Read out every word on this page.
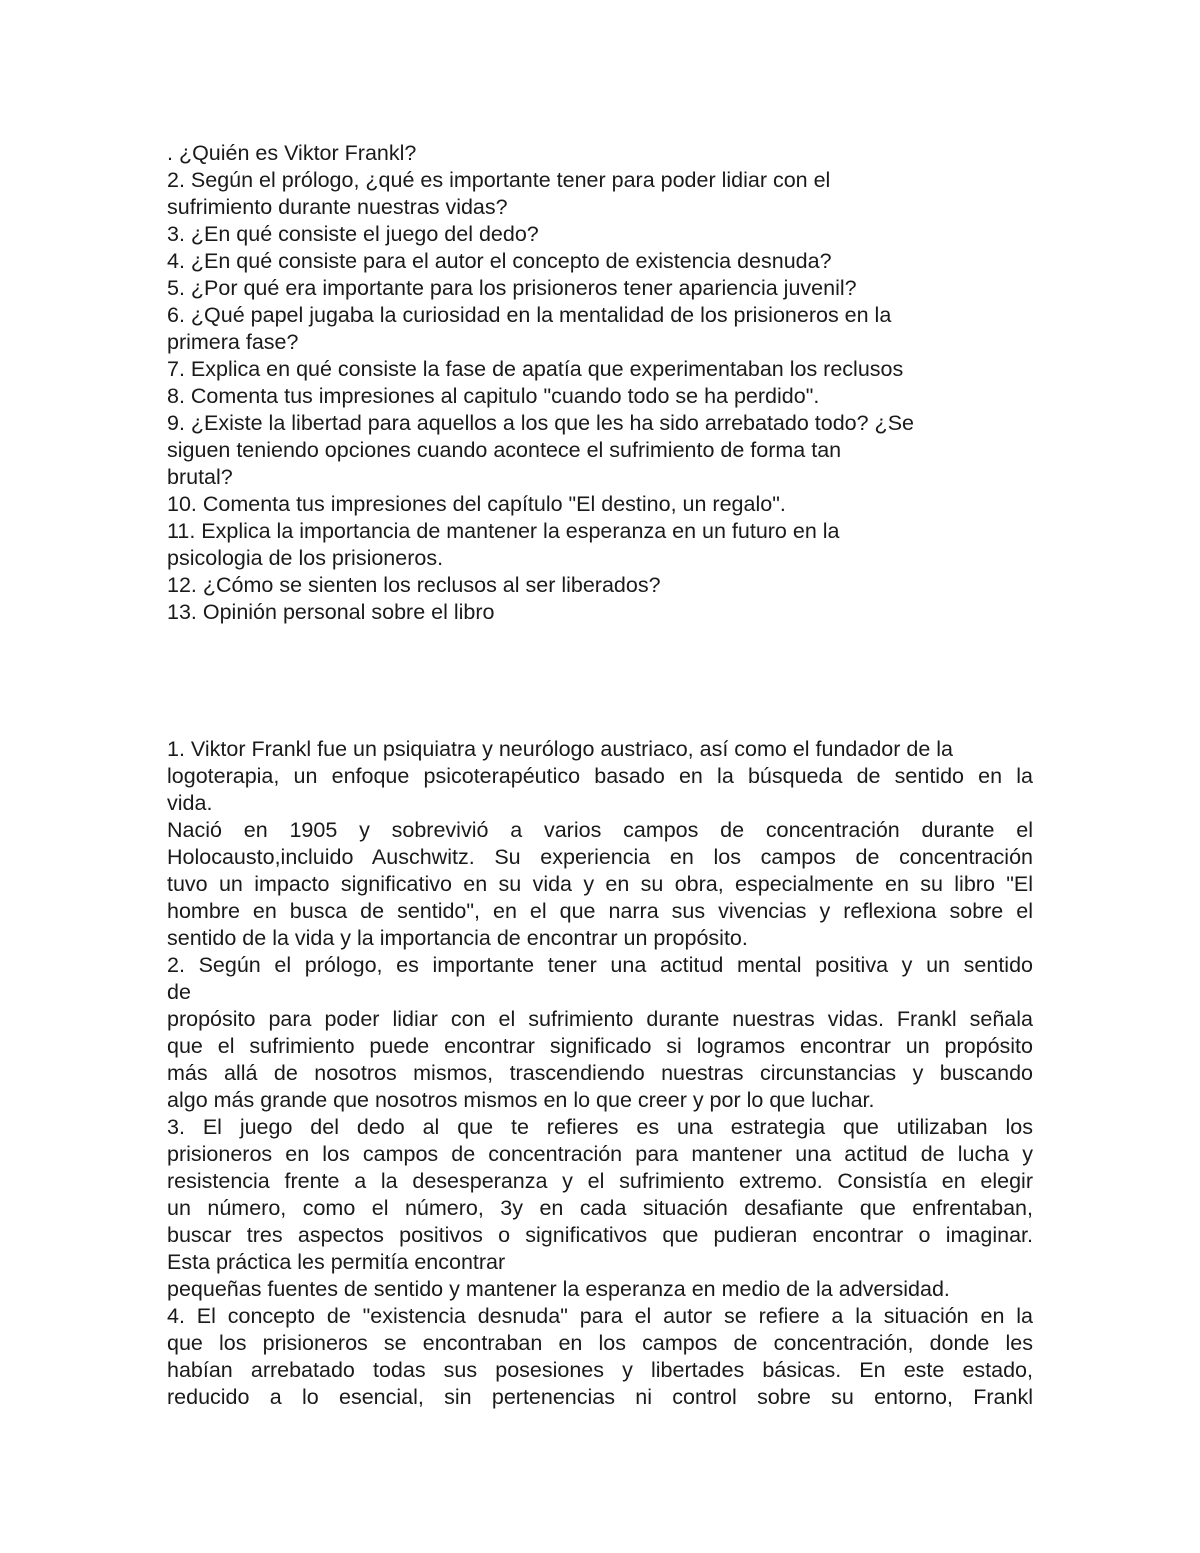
. ¿Quién es Viktor Frankl?
2. Según el prólogo, ¿qué es importante tener para poder lidiar con el
sufrimiento durante nuestras vidas?
3. ¿En qué consiste el juego del dedo?
4. ¿En qué consiste para el autor el concepto de existencia desnuda?
5. ¿Por qué era importante para los prisioneros tener apariencia juvenil?
6. ¿Qué papel jugaba la curiosidad en la mentalidad de los prisioneros en la
primera fase?
7. Explica en qué consiste la fase de apatía que experimentaban los reclusos
8. Comenta tus impresiones al capitulo "cuando todo se ha perdido".
9. ¿Existe la libertad para aquellos a los que les ha sido arrebatado todo? ¿Se
siguen teniendo opciones cuando acontece el sufrimiento de forma tan
brutal?
10. Comenta tus impresiones del capítulo "El destino, un regalo".
11. Explica la importancia de mantener la esperanza en un futuro en la
psicologia de los prisioneros.
12. ¿Cómo se sienten los reclusos al ser liberados?
13. Opinión personal sobre el libro
1. Viktor Frankl fue un psiquiatra y neurólogo austriaco, así como el fundador de la
logoterapia, un enfoque psicoterapéutico basado en la búsqueda de sentido en la
vida.
Nació en 1905 y sobrevivió a varios campos de concentración durante el
Holocausto,incluido Auschwitz. Su experiencia en los campos de concentración
tuvo un impacto significativo en su vida y en su obra, especialmente en su libro "El
hombre en busca de sentido", en el que narra sus vivencias y reflexiona sobre el
sentido de la vida y la importancia de encontrar un propósito.
2. Según el prólogo, es importante tener una actitud mental positiva y un sentido
de
propósito para poder lidiar con el sufrimiento durante nuestras vidas. Frankl señala
que el sufrimiento puede encontrar significado si logramos encontrar un propósito
más allá de nosotros mismos, trascendiendo nuestras circunstancias y buscando
algo más grande que nosotros mismos en lo que creer y por lo que luchar.
3. El juego del dedo al que te refieres es una estrategia que utilizaban los
prisioneros en los campos de concentración para mantener una actitud de lucha y
resistencia frente a la desesperanza y el sufrimiento extremo. Consistía en elegir
un número, como el número, 3y en cada situación desafiante que enfrentaban,
buscar tres aspectos positivos o significativos que pudieran encontrar o imaginar.
Esta práctica les permitía encontrar
pequeñas fuentes de sentido y mantener la esperanza en medio de la adversidad.
4. El concepto de "existencia desnuda" para el autor se refiere a la situación en la
que los prisioneros se encontraban en los campos de concentración, donde les
habían arrebatado todas sus posesiones y libertades básicas. En este estado,
reducido a lo esencial, sin pertenencias ni control sobre su entorno, Frankl
